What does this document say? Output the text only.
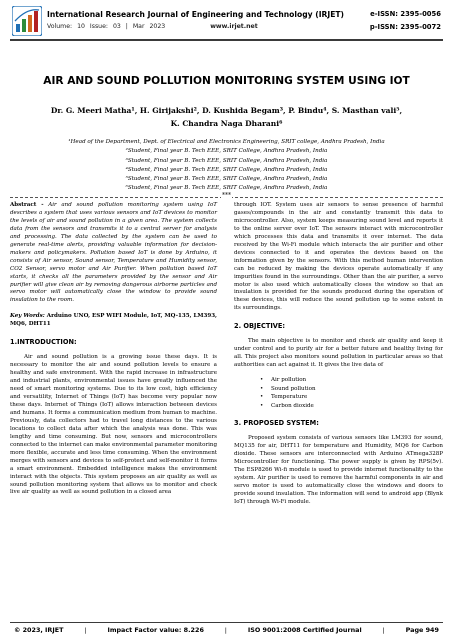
International Research Journal of Engineering and Technology (IRJET)
Volume: 10 Issue: 03 | Mar 2023	www.irjet.net
e-ISSN: 2395-0056
p-ISSN: 2395-0072
AIR AND SOUND POLLUTION MONITORING SYSTEM USING IOT
Dr. G. Meeri Matha¹, H. Girijakshi², D. Kushida Begam³, P. Bindu⁴, S. Masthan vali⁵,
K. Chandra Naga Dharani⁶
¹Head of the Department, Dept. of Electrical and Electronics Engineering, SRIT college, Andhra Pradesh, India
²Student, Final year B. Tech EEE, SRIT College, Andhra Pradesh, India
³Student, Final year B. Tech EEE, SRIT College, Andhra Pradesh, India
⁴Student, Final year B. Tech EEE, SRIT College, Andhra Pradesh, India
⁵Student, Final year B. Tech EEE, SRIT College, Andhra Pradesh, India
⁶Student, Final year B. Tech EEE, SRIT College, Andhra Pradesh, India
***

Abstract - Air and sound pollution monitoring system using IoT describes a system that uses various sensors and IoT devices to monitor the levels of air and sound pollution in a given area. The system collects data from the sensors and transmits it to a central server for analysis and processing. The data collected by the system can be used to generate real-time alerts, providing valuable information for decision-makers and policymakers. Pollution based IoT is done by Arduino, it consists of Air sensor, Sound sensor, Temperature and Humidity sensor, CO2 Sensor, servo motor and Air Purifier. When pollution based IoT starts, it checks all the parameters provided by the sensor and Air purifier will give clean air by removing dangerous airborne particles and servo motor will automatically close the window to provide sound insulation to the room.

Key Words: Arduino UNO, ESP WIFI Module, IoT, MQ-135, LM393, MQ6, DHT11

1.INTRODUCTION:

Air and sound pollution is a growing issue these days. It is necessary to monitor the air and sound pollution levels to ensure a healthy and safe environment. With the rapid increase in infrastructure and industrial plants, environmental issues have greatly influenced the need of smart monitoring systems. Due to its low cost, high efficiency and versatility, Internet of Things (IoT) has become very popular now these days. Internet of Things (IoT) allows interaction between devices and humans. It forms a communication medium from human to machine. Previously, data collectors had to travel long distances to the various locations to collect data after which the analysis was done. This was lengthy and time consuming. But now, sensors and microcontrollers connected to the internet can make environmental parameter monitoring more flexible, accurate and less time consuming. When the environment merges with sensors and devices to self-protect and self-monitor it forms a smart environment. Embedded intelligence makes the environment interact with the objects. This system proposes an air quality as well as sound pollution monitoring system that allows us to monitor and check live air quality as well as sound pollution in a closed area

through IOT. System uses air sensors to sense presence of harmful gases/compounds in the air and constantly transmit this data to microcontroller. Also, system keeps measuring sound level and reports it to the online server over IoT. The sensors interact with microcontroller which processes this data and transmits it over internet. The data received by the Wi-Fi module which interacts the air purifier and other devices connected to it and operates the devices based on the information given by the sensors. With this method human intervention can be reduced by making the devices operate automatically if any impurities found in the surroundings. Other than the air purifier, a servo motor is also used which automatically closes the window so that an insulation is provided for the sounds produced during the operation of these devices, this will reduce the sound pollution up to some extent in its surroundings.

2. OBJECTIVE:

The main objective is to monitor and check air quality and keep it under control and to purify air for a better future and healthy living for all. This project also monitors sound pollution in particular areas so that authorities can act against it. It gives the live data of

• Air pollution
• Sound pollution
• Temperature
• Carbon dioxide
3. PROPOSED SYSTEM:

Proposed system consists of various sensors like LM393 for sound, MQ135 for air, DHT11 for temperature and Humidity, MQ6 for Carbon dioxide. These sensors are interconnected with Arduino ATmega328P Microcontroller for functioning. The power supply is given by RPS(5v). The ESP8266 Wi-fi module is used to provide internet functionality to the system. Air purifier is used to remove the harmful components in air and servo motor is used to automatically close the windows and doors to provide sound insulation. The information will send to android app (Blynk IoT) through Wi-Fi module.

© 2023, IRJET	|	Impact Factor value: 8.226	|	ISO 9001:2008 Certified Journal	|	Page 949
